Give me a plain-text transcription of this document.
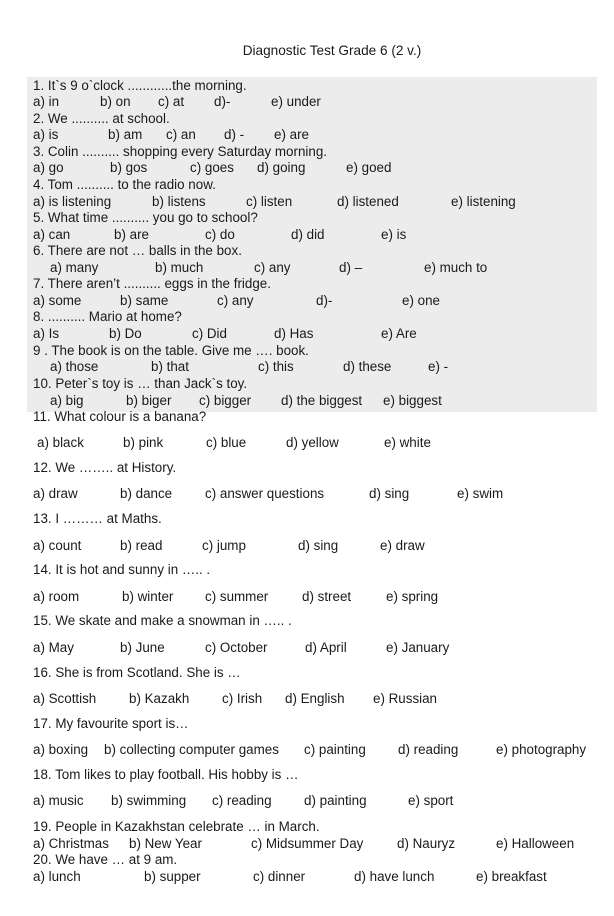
Diagnostic Test Grade 6 (2 v.)
1. It`s 9 o`clock ............the morning.
a) in	b) on c) at d)-	e) under
2. We .......... at school.
a) is	b) am c) an d) - e) are
3. Colin .......... shopping every Saturday morning.
a) go	b) gos	c) goes d) going	e) goed
4. Tom .......... to the radio now.
a) is listening	b) listens	c) listen	d) listened	e) listening
5. What time .......... you go to school?
a) can	b) are	c) do	d) did	e) is
6. There are not … balls in the box.
a) many	b) much	c) any	d) –	e) much to
7. There aren’t .......... eggs in the fridge.
a) some	b) same	c) any	d)-	e) one
8. .......... Mario at home?
a) Is	b) Do	c) Did	d) Has	e) Are
9 . The book is on the table. Give me …. book.
a) those	b) that	c) this	d) these	e) -
10. Peter`s toy is … than Jack`s toy.
a) big	b) biger c) bigger d) the biggest e) biggest
11. What colour is a banana?
a) black	b) pink	c) blue	d) yellow	e) white
12. We …….. at History.
a) draw	b) dance c) answer questions	d) sing	e) swim
13. I ……… at Maths.
a) count	b) read	c) jump	d) sing	e) draw
14. It is hot and sunny in ….. .
a) room	b) winter c) summer	d) street	e) spring
15. We skate and make a snowman in ….. .
a) May	b) June	c) October	d) April	e) January
16. She is from Scotland. She is …
a) Scottish b) Kazakh c) Irish d) English e) Russian
17. My favourite sport is…
a) boxing b) collecting computer games c) painting d) reading	e) photography
18. Tom likes to play football. His hobby is …
a) music b) swimming c) reading d) painting	e) sport
19. People in Kazakhstan celebrate … in March.
a) Christmas b) New Year	c) Midsummer Day	d) Nauryz	e) Halloween
20. We have … at 9 am.
a) lunch	b) supper	c) dinner	d) have lunch	e) breakfast
